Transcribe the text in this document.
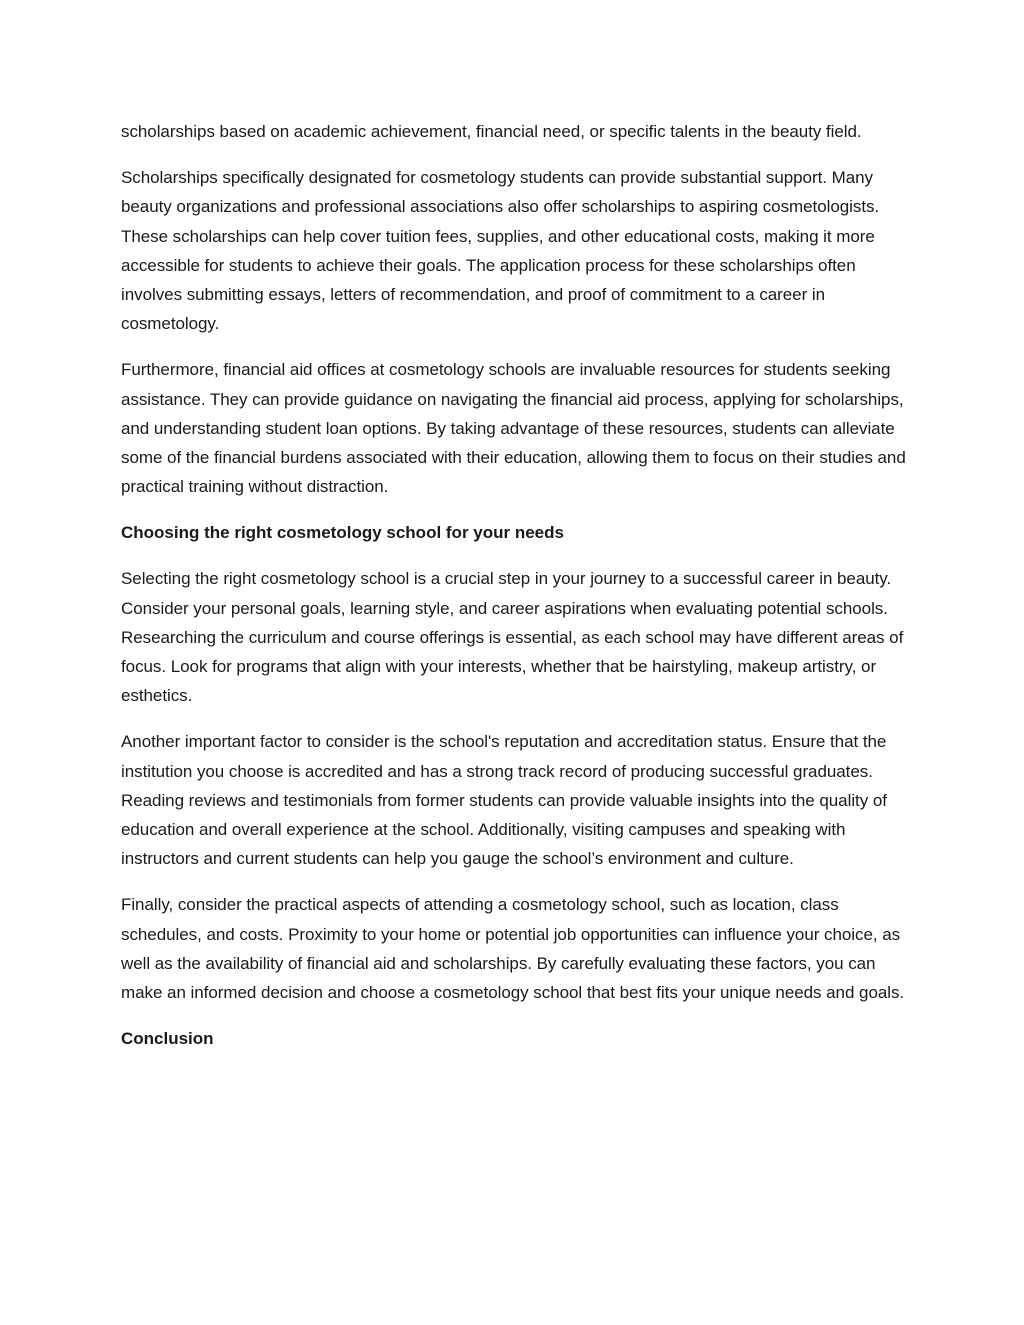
scholarships based on academic achievement, financial need, or specific talents in the beauty field.

Scholarships specifically designated for cosmetology students can provide substantial support. Many beauty organizations and professional associations also offer scholarships to aspiring cosmetologists. These scholarships can help cover tuition fees, supplies, and other educational costs, making it more accessible for students to achieve their goals. The application process for these scholarships often involves submitting essays, letters of recommendation, and proof of commitment to a career in cosmetology.

Furthermore, financial aid offices at cosmetology schools are invaluable resources for students seeking assistance. They can provide guidance on navigating the financial aid process, applying for scholarships, and understanding student loan options. By taking advantage of these resources, students can alleviate some of the financial burdens associated with their education, allowing them to focus on their studies and practical training without distraction.

Choosing the right cosmetology school for your needs

Selecting the right cosmetology school is a crucial step in your journey to a successful career in beauty. Consider your personal goals, learning style, and career aspirations when evaluating potential schools. Researching the curriculum and course offerings is essential, as each school may have different areas of focus. Look for programs that align with your interests, whether that be hairstyling, makeup artistry, or esthetics.

Another important factor to consider is the school's reputation and accreditation status. Ensure that the institution you choose is accredited and has a strong track record of producing successful graduates. Reading reviews and testimonials from former students can provide valuable insights into the quality of education and overall experience at the school. Additionally, visiting campuses and speaking with instructors and current students can help you gauge the school’s environment and culture.

Finally, consider the practical aspects of attending a cosmetology school, such as location, class schedules, and costs. Proximity to your home or potential job opportunities can influence your choice, as well as the availability of financial aid and scholarships. By carefully evaluating these factors, you can make an informed decision and choose a cosmetology school that best fits your unique needs and goals.

Conclusion
